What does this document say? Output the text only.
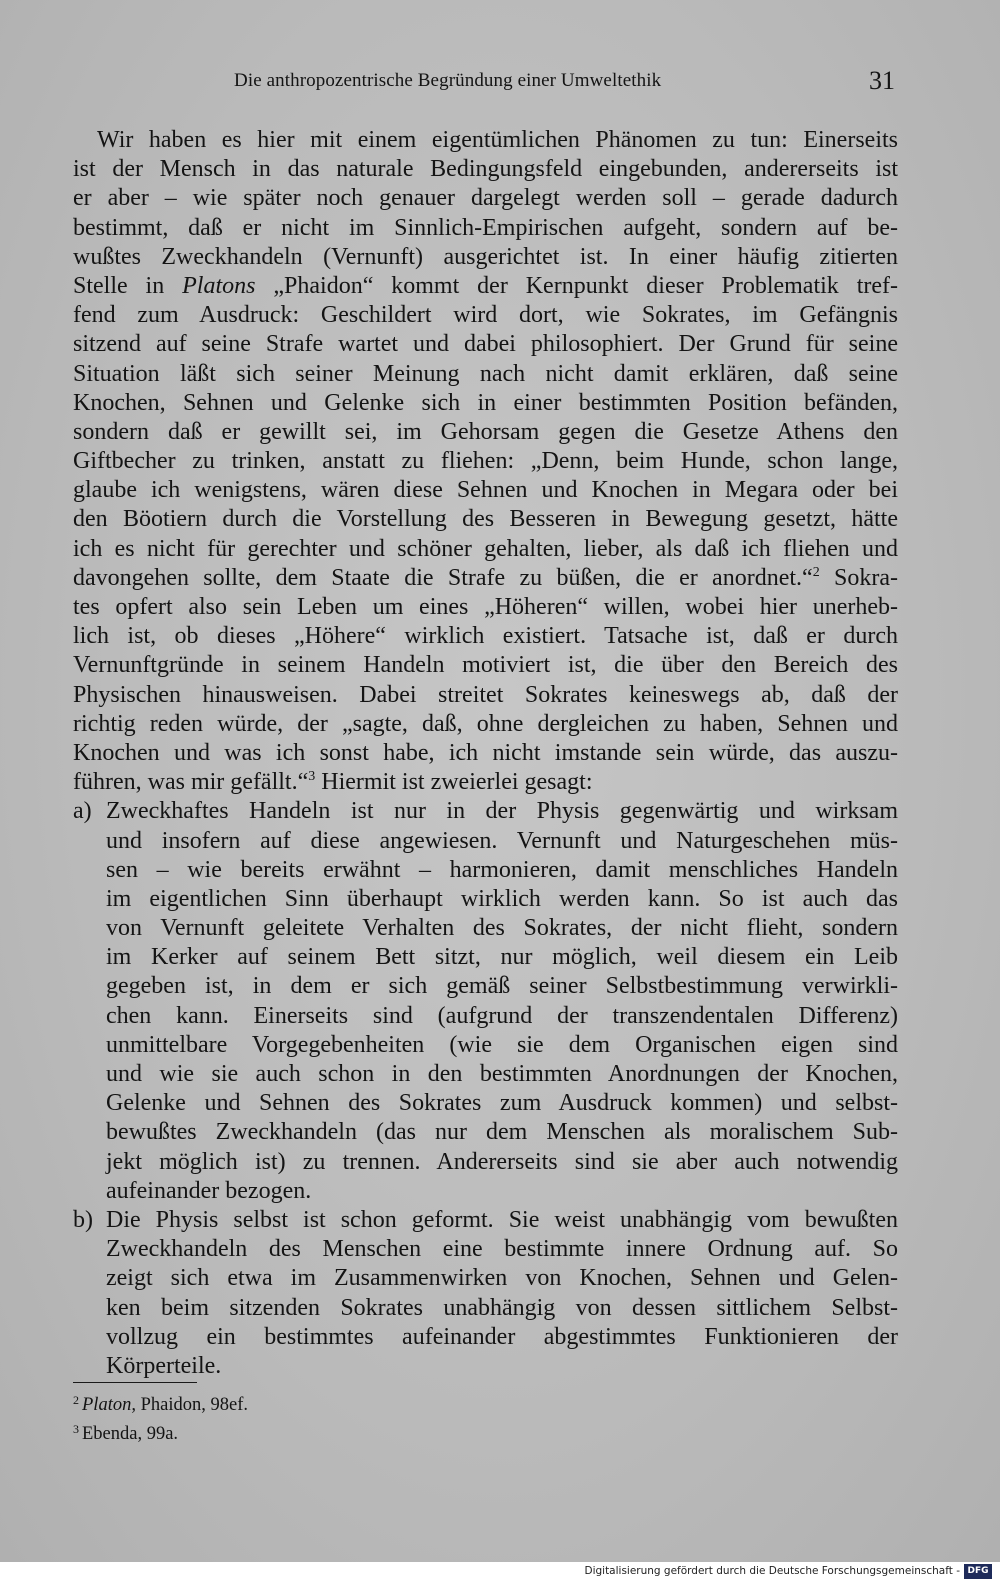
Die anthropozentrische Begründung einer Umweltethik	31
Wir haben es hier mit einem eigentümlichen Phänomen zu tun: Einerseits
ist der Mensch in das naturale Bedingungsfeld eingebunden, andererseits ist
er aber – wie später noch genauer dargelegt werden soll – gerade dadurch
bestimmt, daß er nicht im Sinnlich-Empirischen aufgeht, sondern auf be-
wußtes Zweckhandeln (Vernunft) ausgerichtet ist. In einer häufig zitierten
Stelle in Platons „Phaidon“ kommt der Kernpunkt dieser Problematik tref-
fend zum Ausdruck: Geschildert wird dort, wie Sokrates, im Gefängnis
sitzend auf seine Strafe wartet und dabei philosophiert. Der Grund für seine
Situation läßt sich seiner Meinung nach nicht damit erklären, daß seine
Knochen, Sehnen und Gelenke sich in einer bestimmten Position befänden,
sondern daß er gewillt sei, im Gehorsam gegen die Gesetze Athens den
Giftbecher zu trinken, anstatt zu fliehen: „Denn, beim Hunde, schon lange,
glaube ich wenigstens, wären diese Sehnen und Knochen in Megara oder bei
den Böotiern durch die Vorstellung des Besseren in Bewegung gesetzt, hätte
ich es nicht für gerechter und schöner gehalten, lieber, als daß ich fliehen und
davongehen sollte, dem Staate die Strafe zu büßen, die er anordnet.“$^2$ Sokra-
tes opfert also sein Leben um eines „Höheren“ willen, wobei hier unerheb-
lich ist, ob dieses „Höhere“ wirklich existiert. Tatsache ist, daß er durch
Vernunftgründe in seinem Handeln motiviert ist, die über den Bereich des
Physischen hinausweisen. Dabei streitet Sokrates keineswegs ab, daß der
richtig reden würde, der „sagte, daß, ohne dergleichen zu haben, Sehnen und
Knochen und was ich sonst habe, ich nicht imstande sein würde, das auszu-
führen, was mir gefällt.“$^3$ Hiermit ist zweierlei gesagt:
a) Zweckhaftes Handeln ist nur in der Physis gegenwärtig und wirksam
und insofern auf diese angewiesen. Vernunft und Naturgeschehen müs-
sen – wie bereits erwähnt – harmonieren, damit menschliches Handeln
im eigentlichen Sinn überhaupt wirklich werden kann. So ist auch das
von Vernunft geleitete Verhalten des Sokrates, der nicht flieht, sondern
im Kerker auf seinem Bett sitzt, nur möglich, weil diesem ein Leib
gegeben ist, in dem er sich gemäß seiner Selbstbestimmung verwirkli-
chen kann. Einerseits sind (aufgrund der transzendentalen Differenz)
unmittelbare Vorgegebenheiten (wie sie dem Organischen eigen sind
und wie sie auch schon in den bestimmten Anordnungen der Knochen,
Gelenke und Sehnen des Sokrates zum Ausdruck kommen) und selbst-
bewußtes Zweckhandeln (das nur dem Menschen als moralischem Sub-
jekt möglich ist) zu trennen. Andererseits sind sie aber auch notwendig
aufeinander bezogen.
b) Die Physis selbst ist schon geformt. Sie weist unabhängig vom bewußten
Zweckhandeln des Menschen eine bestimmte innere Ordnung auf. So
zeigt sich etwa im Zusammenwirken von Knochen, Sehnen und Gelen-
ken beim sitzenden Sokrates unabhängig von dessen sittlichem Selbst-
vollzug ein bestimmtes aufeinander abgestimmtes Funktionieren der
Körperteile.
$^2$ Platon, Phaidon, 98ef.
$^3$ Ebenda, 99a.
Digitalisierung gefördert durch die Deutsche Forschungsgemeinschaft - DFG
